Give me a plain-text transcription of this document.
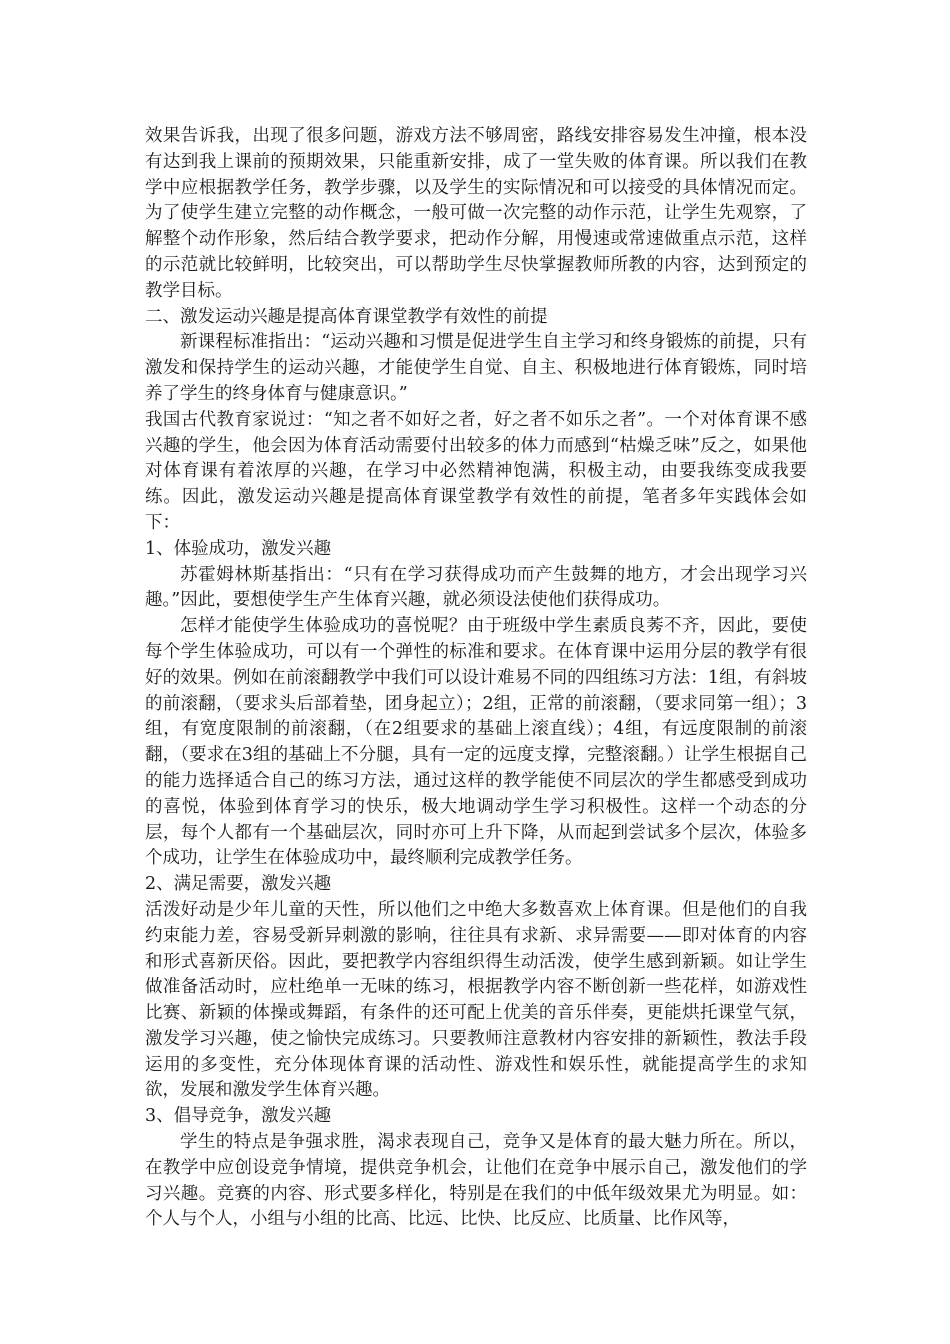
效果告诉我，出现了很多问题，游戏方法不够周密，路线安排容易发生冲撞，根本没有达到我上课前的预期效果，只能重新安排，成了一堂失败的体育课。所以我们在教学中应根据教学任务，教学步骤，以及学生的实际情况和可以接受的具体情况而定。为了使学生建立完整的动作概念，一般可做一次完整的动作示范，让学生先观察，了解整个动作形象，然后结合教学要求，把动作分解，用慢速或常速做重点示范，这样的示范就比较鲜明，比较突出，可以帮助学生尽快掌握教师所教的内容，达到预定的教学目标。

二、激发运动兴趣是提高体育课堂教学有效性的前提

新课程标准指出：“运动兴趣和习惯是促进学生自主学习和终身锻炼的前提，只有激发和保持学生的运动兴趣，才能使学生自觉、自主、积极地进行体育锻炼，同时培养了学生的终身体育与健康意识。”

我国古代教育家说过：“知之者不如好之者，好之者不如乐之者”。一个对体育课不感兴趣的学生，他会因为体育活动需要付出较多的体力而感到“枯燥乏味”反之，如果他对体育课有着浓厚的兴趣，在学习中必然精神饱满，积极主动，由要我练变成我要练。因此，激发运动兴趣是提高体育课堂教学有效性的前提，笔者多年实践体会如下：

1、体验成功，激发兴趣

苏霍姆林斯基指出：“只有在学习获得成功而产生鼓舞的地方，才会出现学习兴趣。”因此，要想使学生产生体育兴趣，就必须设法使他们获得成功。

怎样才能使学生体验成功的喜悦呢？由于班级中学生素质良莠不齐，因此，要使每个学生体验成功，可以有一个弹性的标准和要求。在体育课中运用分层的教学有很好的效果。例如在前滚翻教学中我们可以设计难易不同的四组练习方法：1组，有斜坡的前滚翻，（要求头后部着垫，团身起立）；2组，正常的前滚翻，（要求同第一组）；3组，有宽度限制的前滚翻，（在2组要求的基础上滚直线）；4组，有远度限制的前滚翻，（要求在3组的基础上不分腿，具有一定的远度支撑，完整滚翻。）让学生根据自己的能力选择适合自己的练习方法，通过这样的教学能使不同层次的学生都感受到成功的喜悦，体验到体育学习的快乐，极大地调动学生学习积极性。这样一个动态的分层，每个人都有一个基础层次，同时亦可上升下降，从而起到尝试多个层次，体验多个成功，让学生在体验成功中，最终顺利完成教学任务。

2、满足需要，激发兴趣

活泼好动是少年儿童的天性，所以他们之中绝大多数喜欢上体育课。但是他们的自我约束能力差，容易受新异刺激的影响，往往具有求新、求异需要——即对体育的内容和形式喜新厌俗。因此，要把教学内容组织得生动活泼，使学生感到新颖。如让学生做准备活动时，应杜绝单一无味的练习，根据教学内容不断创新一些花样，如游戏性比赛、新颖的体操或舞蹈，有条件的还可配上优美的音乐伴奏，更能烘托课堂气氛，激发学习兴趣，使之愉快完成练习。只要教师注意教材内容安排的新颖性，教法手段运用的多变性，充分体现体育课的活动性、游戏性和娱乐性，就能提高学生的求知欲，发展和激发学生体育兴趣。

3、倡导竞争，激发兴趣

学生的特点是争强求胜，渴求表现自己，竞争又是体育的最大魅力所在。所以，在教学中应创设竞争情境，提供竞争机会，让他们在竞争中展示自己，激发他们的学习兴趣。竞赛的内容、形式要多样化，特别是在我们的中低年级效果尤为明显。如：个人与个人，小组与小组的比高、比远、比快、比反应、比质量、比作风等，
